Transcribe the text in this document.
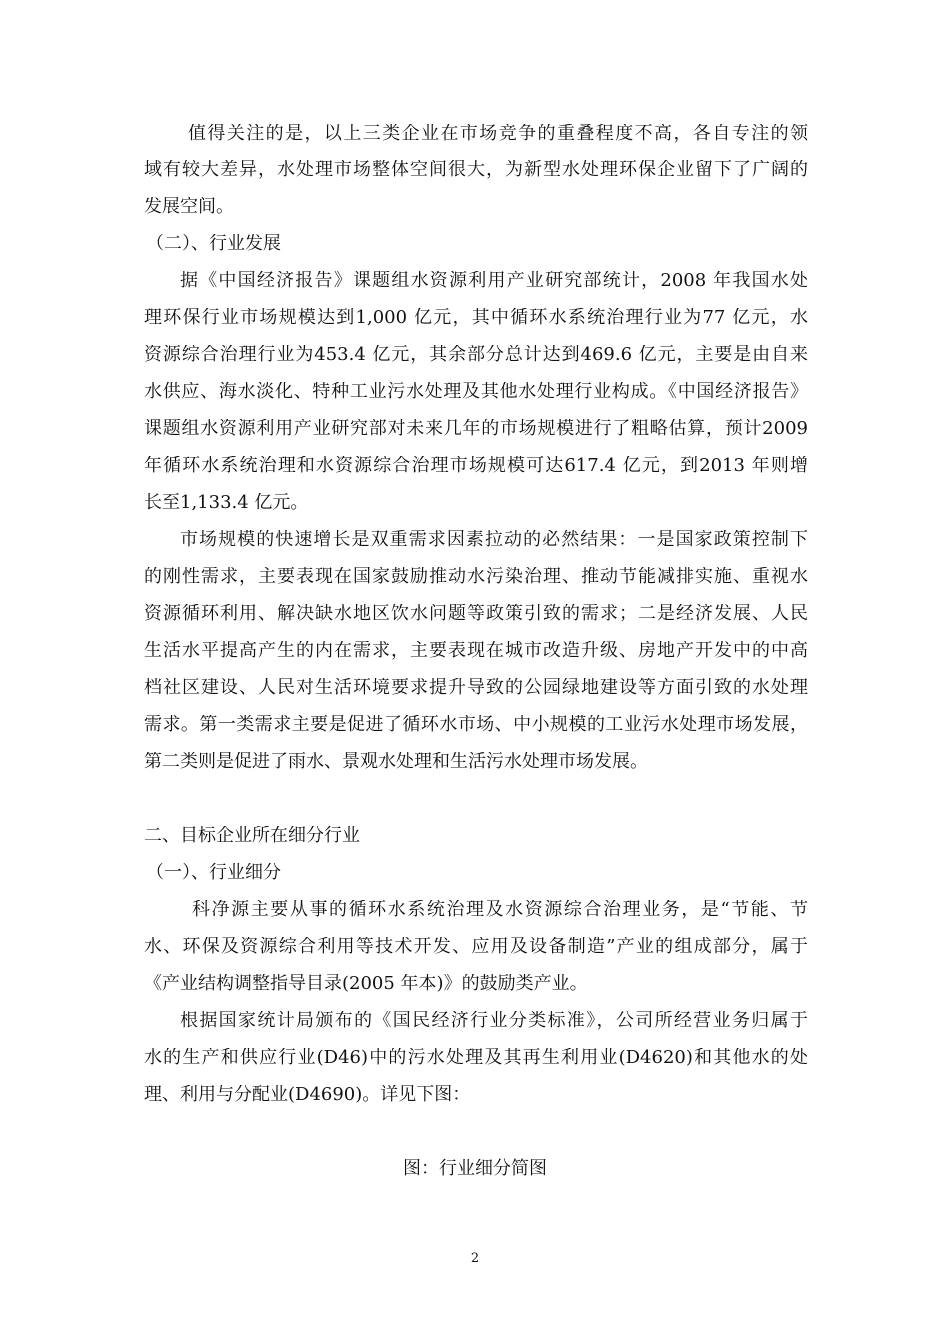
值得关注的是，以上三类企业在市场竞争的重叠程度不高，各自专注的领
域有较大差异，水处理市场整体空间很大，为新型水处理环保企业留下了广阔的
发展空间。
（二）、行业发展
据《中国经济报告》课题组水资源利用产业研究部统计，2008 年我国水处
理环保行业市场规模达到1,000 亿元，其中循环水系统治理行业为77 亿元，水
资源综合治理行业为453.4 亿元，其余部分总计达到469.6 亿元，主要是由自来
水供应、海水淡化、特种工业污水处理及其他水处理行业构成。《中国经济报告》
课题组水资源利用产业研究部对未来几年的市场规模进行了粗略估算，预计2009
年循环水系统治理和水资源综合治理市场规模可达617.4 亿元，到2013 年则增
长至1,133.4 亿元。
市场规模的快速增长是双重需求因素拉动的必然结果：一是国家政策控制下
的刚性需求，主要表现在国家鼓励推动水污染治理、推动节能减排实施、重视水
资源循环利用、解决缺水地区饮水问题等政策引致的需求；二是经济发展、人民
生活水平提高产生的内在需求，主要表现在城市改造升级、房地产开发中的中高
档社区建设、人民对生活环境要求提升导致的公园绿地建设等方面引致的水处理
需求。第一类需求主要是促进了循环水市场、中小规模的工业污水处理市场发展，
第二类则是促进了雨水、景观水处理和生活污水处理市场发展。
二、目标企业所在细分行业
（一）、行业细分
科净源主要从事的循环水系统治理及水资源综合治理业务，是“节能、节
水、环保及资源综合利用等技术开发、应用及设备制造”产业的组成部分，属于
《产业结构调整指导目录(2005 年本)》的鼓励类产业。
根据国家统计局颁布的《国民经济行业分类标准》，公司所经营业务归属于
水的生产和供应行业(D46)中的污水处理及其再生利用业(D4620)和其他水的处
理、利用与分配业(D4690)。详见下图：
图：行业细分简图
2
